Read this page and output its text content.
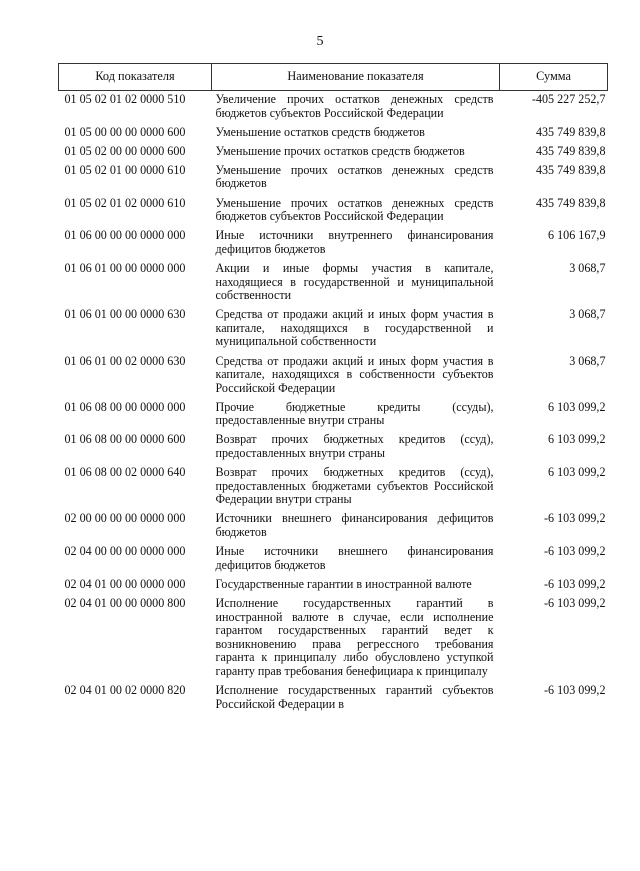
5
Код показателя	Наименование показателя	Сумма
01 05 02 01 02 0000 510	Увеличение прочих остатков денежных средств бюджетов субъектов Российской Федерации	-405 227 252,7
01 05 00 00 00 0000 600	Уменьшение остатков средств бюджетов	435 749 839,8
01 05 02 00 00 0000 600	Уменьшение прочих остатков средств бюджетов	435 749 839,8
01 05 02 01 00 0000 610	Уменьшение прочих остатков денежных средств бюджетов	435 749 839,8
01 05 02 01 02 0000 610	Уменьшение прочих остатков денежных средств бюджетов субъектов Российской Федерации	435 749 839,8
01 06 00 00 00 0000 000	Иные источники внутреннего финансирования дефицитов бюджетов	6 106 167,9
01 06 01 00 00 0000 000	Акции и иные формы участия в капитале, находящиеся в государственной и муниципальной собственности	3 068,7
01 06 01 00 00 0000 630	Средства от продажи акций и иных форм участия в капитале, находящихся в государственной и муниципальной собственности	3 068,7
01 06 01 00 02 0000 630	Средства от продажи акций и иных форм участия в капитале, находящихся в собственности субъектов Российской Федерации	3 068,7
01 06 08 00 00 0000 000	Прочие бюджетные кредиты (ссуды), предоставленные внутри страны	6 103 099,2
01 06 08 00 00 0000 600	Возврат прочих бюджетных кредитов (ссуд), предоставленных внутри страны	6 103 099,2
01 06 08 00 02 0000 640	Возврат прочих бюджетных кредитов (ссуд), предоставленных бюджетами субъектов Российской Федерации внутри страны	6 103 099,2
02 00 00 00 00 0000 000	Источники внешнего финансирования дефицитов бюджетов	-6 103 099,2
02 04 00 00 00 0000 000	Иные источники внешнего финансирования дефицитов бюджетов	-6 103 099,2
02 04 01 00 00 0000 000	Государственные гарантии в иностранной валюте	-6 103 099,2
02 04 01 00 00 0000 800	Исполнение государственных гарантий в иностранной валюте в случае, если исполнение гарантом государственных гарантий ведет к возникновению права регрессного требования гаранта к принципалу либо обусловлено уступкой гаранту прав требования бенефициара к принципалу	-6 103 099,2
02 04 01 00 02 0000 820	Исполнение государственных гарантий субъектов Российской Федерации в	-6 103 099,2
